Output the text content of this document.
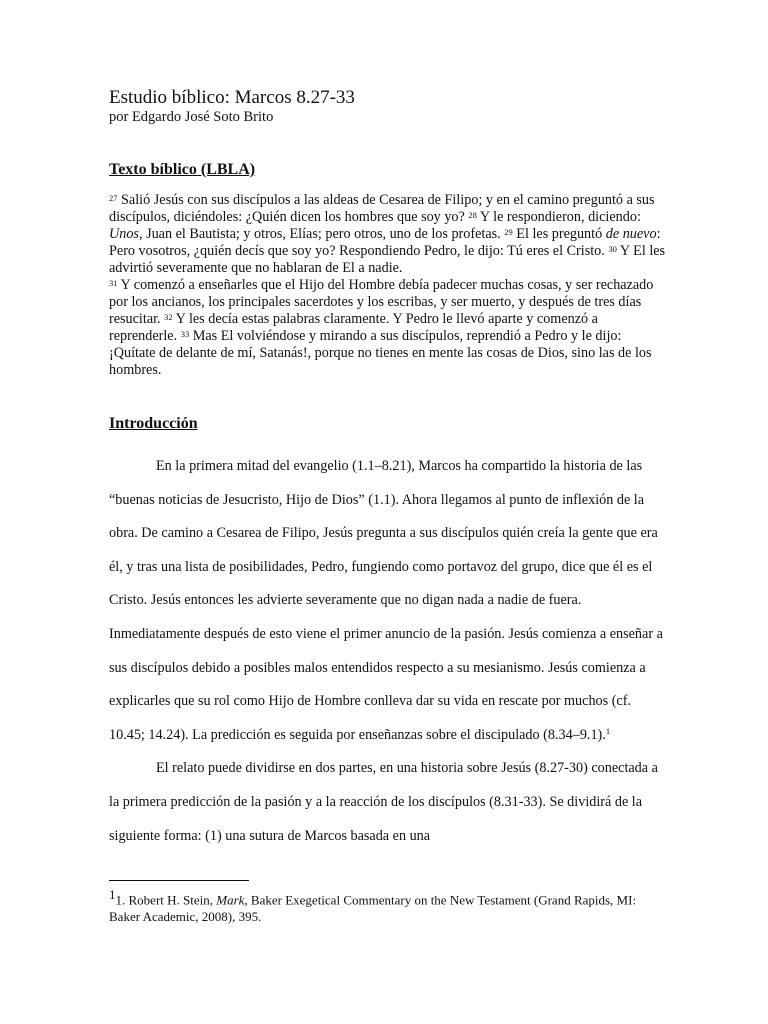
Estudio bíblico: Marcos 8.27-33
por Edgardo José Soto Brito
Texto bíblico (LBLA)

$^{27}$ Salió Jesús con sus discípulos a las aldeas de Cesarea de Filipo; y en el camino preguntó a sus discípulos, diciéndoles: ¿Quién dicen los hombres que soy yo? $^{28}$ Y le respondieron, diciendo: Unos, Juan el Bautista; y otros, Elías; pero otros, uno de los profetas. $^{29}$ El les preguntó de nuevo: Pero vosotros, ¿quién decís que soy yo? Respondiendo Pedro, le dijo: Tú eres el Cristo. $^{30}$ Y El les advirtió severamente que no hablaran de El a nadie.

$^{31}$ Y comenzó a enseñarles que el Hijo del Hombre debía padecer muchas cosas, y ser rechazado por los ancianos, los principales sacerdotes y los escribas, y ser muerto, y después de tres días resucitar. $^{32}$ Y les decía estas palabras claramente. Y Pedro le llevó aparte y comenzó a reprenderle. $^{33}$ Mas El volviéndose y mirando a sus discípulos, reprendió a Pedro y le dijo: ¡Quítate de delante de mí, Satanás!, porque no tienes en mente las cosas de Dios, sino las de los hombres.

Introducción

En la primera mitad del evangelio (1.1–8.21), Marcos ha compartido la historia de las “buenas noticias de Jesucristo, Hijo de Dios” (1.1). Ahora llegamos al punto de inflexión de la obra. De camino a Cesarea de Filipo, Jesús pregunta a sus discípulos quién creía la gente que era él, y tras una lista de posibilidades, Pedro, fungiendo como portavoz del grupo, dice que él es el Cristo. Jesús entonces les advierte severamente que no digan nada a nadie de fuera. Inmediatamente después de esto viene el primer anuncio de la pasión. Jesús comienza a enseñar a sus discípulos debido a posibles malos entendidos respecto a su mesianismo. Jesús comienza a explicarles que su rol como Hijo de Hombre conlleva dar su vida en rescate por muchos (cf. 10.45; 14.24). La predicción es seguida por enseñanzas sobre el discipulado (8.34–9.1).$^1$

El relato puede dividirse en dos partes, en una historia sobre Jesús (8.27-30) conectada a la primera predicción de la pasión y a la reacción de los discípulos (8.31-33). Se dividirá de la siguiente forma: (1) una sutura de Marcos basada en una

$^1$1. Robert H. Stein, Mark, Baker Exegetical Commentary on the New Testament (Grand Rapids, MI: Baker Academic, 2008), 395.
